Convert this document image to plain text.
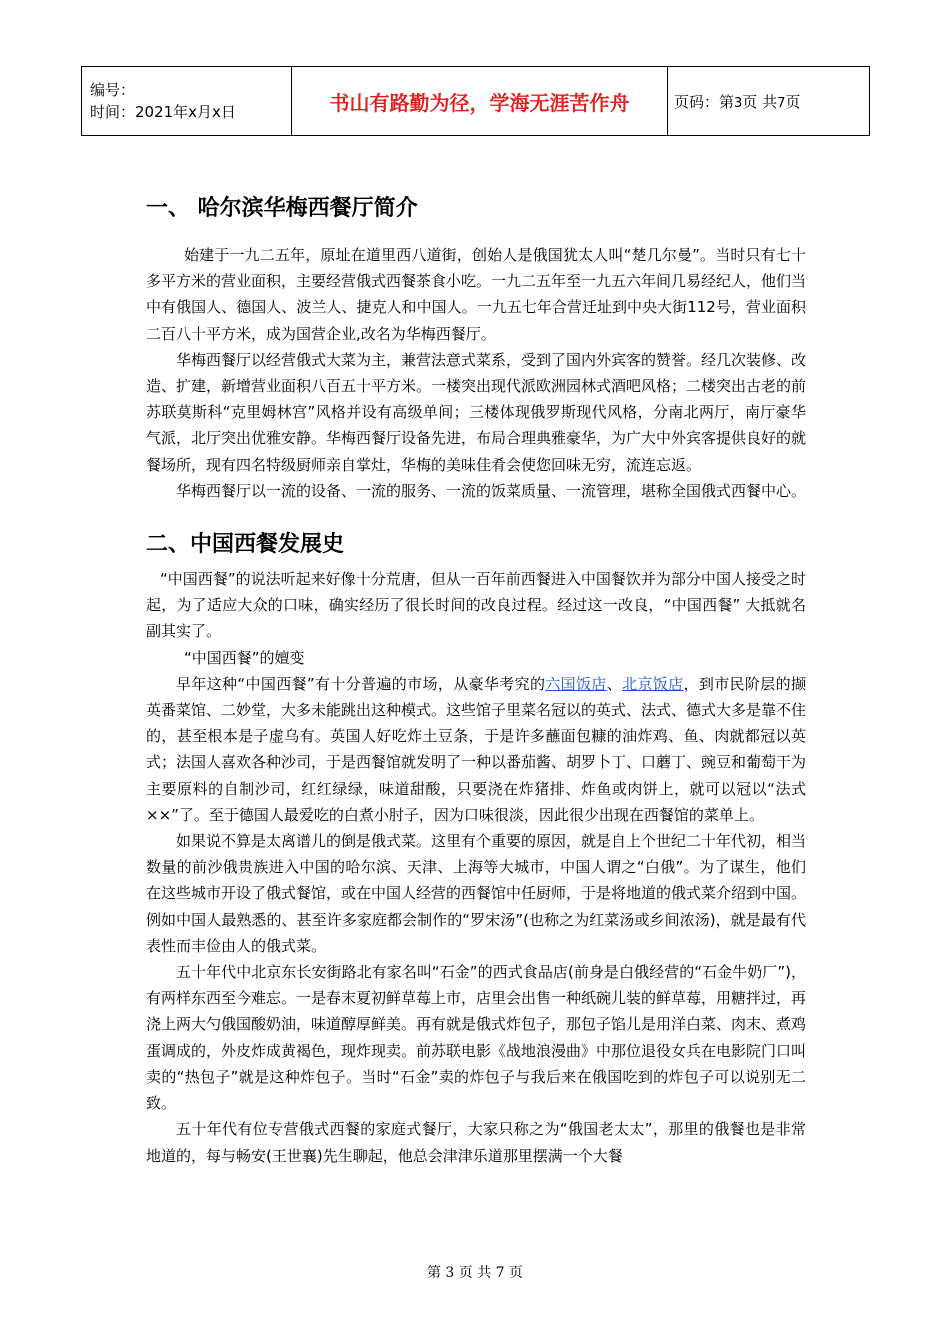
编号：
时间：2021年x月x日	书山有路勤为径，学海无涯苦作舟	页码：第3页 共7页
一、 哈尔滨华梅西餐厅简介

始建于一九二五年，原址在道里西八道街，创始人是俄国犹太人叫“楚几尔曼”。当时只有七十多平方米的营业面积，主要经营俄式西餐茶食小吃。一九二五年至一九五六年间几易经纪人，他们当中有俄国人、德国人、波兰人、捷克人和中国人。一九五七年合营迁址到中央大街112号，营业面积二百八十平方米，成为国营企业,改名为华梅西餐厅。

华梅西餐厅以经营俄式大菜为主，兼营法意式菜系，受到了国内外宾客的赞誉。经几次装修、改造、扩建，新增营业面积八百五十平方米。一楼突出现代派欧洲园林式酒吧风格；二楼突出古老的前苏联莫斯科“克里姆林宫”风格并设有高级单间；三楼体现俄罗斯现代风格，分南北两厅，南厅豪华气派，北厅突出优雅安静。华梅西餐厅设备先进，布局合理典雅豪华，为广大中外宾客提供良好的就餐场所，现有四名特级厨师亲自掌灶，华梅的美味佳肴会使您回味无穷，流连忘返。

华梅西餐厅以一流的设备、一流的服务、一流的饭菜质量、一流管理，堪称全国俄式西餐中心。

二、中国西餐发展史

“中国西餐”的说法听起来好像十分荒唐，但从一百年前西餐进入中国餐饮并为部分中国人接受之时起，为了适应大众的口味，确实经历了很长时间的改良过程。经过这一改良，“中国西餐” 大抵就名副其实了。

“中国西餐”的嬗变

早年这种“中国西餐”有十分普遍的市场，从豪华考究的六国饭店、北京饭店，到市民阶层的撷英番菜馆、二妙堂，大多未能跳出这种模式。这些馆子里菜名冠以的英式、法式、德式大多是靠不住的，甚至根本是子虚乌有。英国人好吃炸土豆条，于是许多蘸面包糠的油炸鸡、鱼、肉就都冠以英式；法国人喜欢各种沙司，于是西餐馆就发明了一种以番茄酱、胡罗卜丁、口蘑丁、豌豆和葡萄干为主要原料的自制沙司，红红绿绿，味道甜酸，只要浇在炸猪排、炸鱼或肉饼上，就可以冠以“法式××”了。至于德国人最爱吃的白煮小肘子，因为口味很淡，因此很少出现在西餐馆的菜单上。

如果说不算是太离谱儿的倒是俄式菜。这里有个重要的原因，就是自上个世纪二十年代初，相当数量的前沙俄贵族进入中国的哈尔滨、天津、上海等大城市，中国人谓之“白俄”。为了谋生，他们在这些城市开设了俄式餐馆，或在中国人经营的西餐馆中任厨师，于是将地道的俄式菜介绍到中国。例如中国人最熟悉的、甚至许多家庭都会制作的“罗宋汤”(也称之为红菜汤或乡间浓汤)，就是最有代表性而丰俭由人的俄式菜。

五十年代中北京东长安街路北有家名叫“石金”的西式食品店(前身是白俄经营的“石金牛奶厂”)，有两样东西至今难忘。一是春末夏初鲜草莓上市，店里会出售一种纸碗儿装的鲜草莓，用糖拌过，再浇上两大勺俄国酸奶油，味道醇厚鲜美。再有就是俄式炸包子，那包子馅儿是用洋白菜、肉末、煮鸡蛋调成的，外皮炸成黄褐色，现炸现卖。前苏联电影《战地浪漫曲》中那位退役女兵在电影院门口叫卖的“热包子”就是这种炸包子。当时“石金”卖的炸包子与我后来在俄国吃到的炸包子可以说别无二致。

五十年代有位专营俄式西餐的家庭式餐厅，大家只称之为“俄国老太太”，那里的俄餐也是非常地道的，每与畅安(王世襄)先生聊起，他总会津津乐道那里摆满一个大餐

第 3 页 共 7 页
